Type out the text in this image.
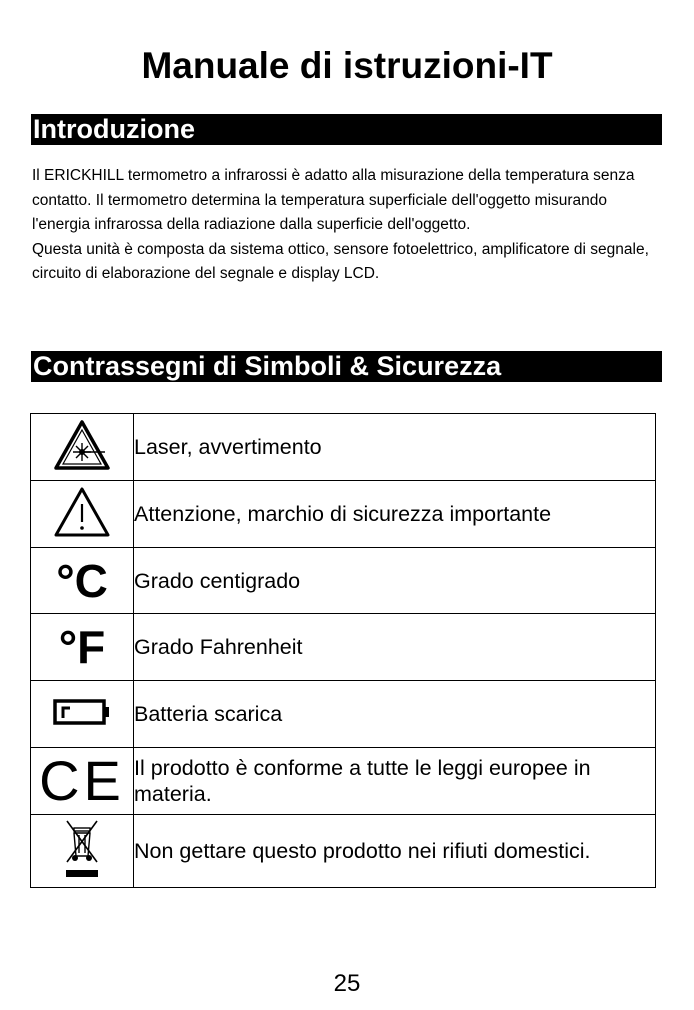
Manuale di istruzioni-IT
Introduzione

Il ERICKHILL termometro a infrarossi è adatto alla misurazione della temperatura senza contatto. Il termometro determina la temperatura superficiale dell'oggetto misurando l'energia infrarossa della radiazione dalla superficie dell'oggetto.

Questa unità è composta da sistema ottico, sensore fotoelettrico, amplificatore di segnale, circuito di elaborazione del segnale e display LCD.

Contrassegni di Simboli & Sicurezza
	Laser, avvertimento
	Attenzione, marchio di sicurezza importante
°C	Grado centigrado
°F	Grado Fahrenheit
	Batteria scarica
CE	Il prodotto è conforme a tutte le leggi europee in materia.
	Non gettare questo prodotto nei rifiuti domestici.
25
